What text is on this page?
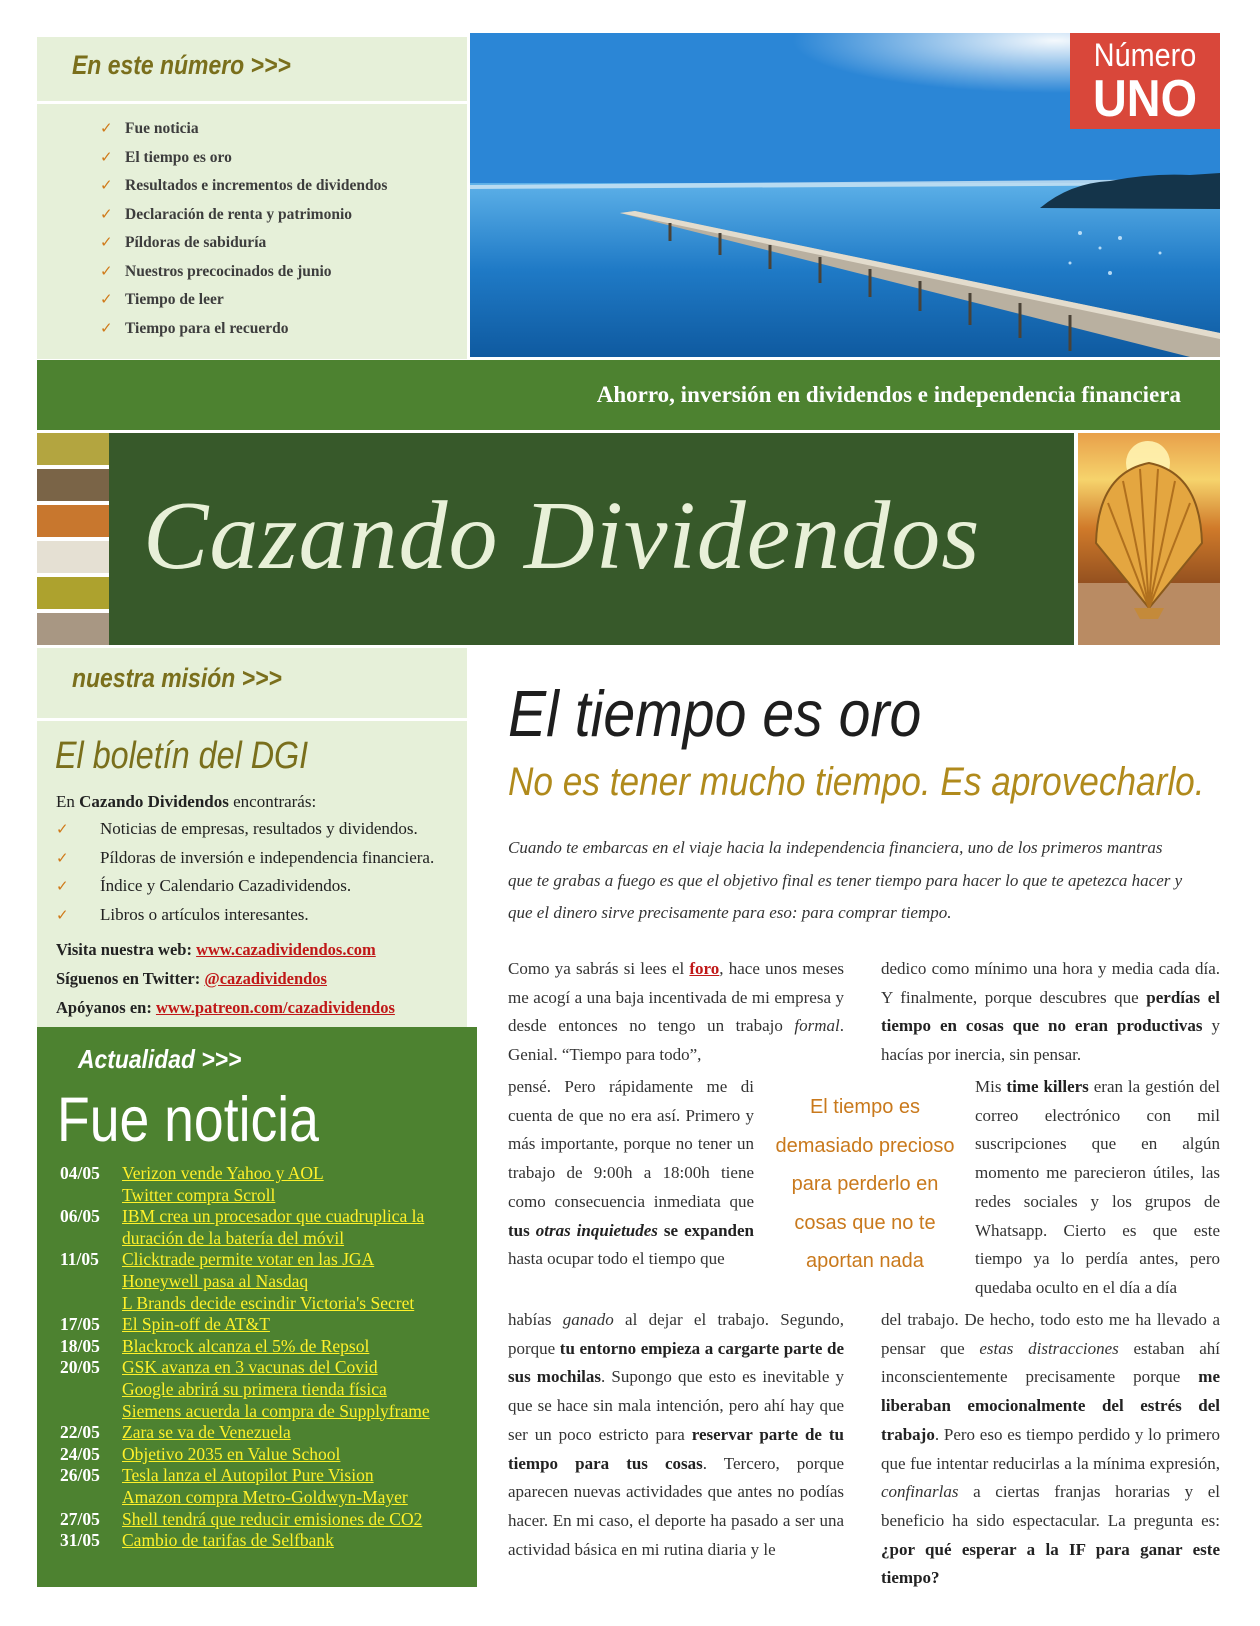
En este número >>>
✓ Fue noticia
✓ El tiempo es oro
✓ Resultados e incrementos de dividendos
✓ Declaración de renta y patrimonio
✓ Píldoras de sabiduría
✓ Nuestros precocinados de junio
✓ Tiempo de leer
✓ Tiempo para el recuerdo
Número
UNO
Ahorro, inversión en dividendos e independencia financiera
Cazando Dividendos
nuestra misión >>>
El boletín del DGI
En Cazando Dividendos encontrarás:
✓ Noticias de empresas, resultados y dividendos.
✓ Píldoras de inversión e independencia financiera.
✓ Índice y Calendario Cazadividendos.
✓ Libros o artículos interesantes.
Visita nuestra web: www.cazadividendos.com
Síguenos en Twitter: @cazadividendos
Apóyanos en: www.patreon.com/cazadividendos
Actualidad >>>
Fue noticia
04/05	Verizon vende Yahoo y AOL
Twitter compra Scroll
06/05	IBM crea un procesador que cuadruplica la
duración de la batería del móvil
11/05	Clicktrade permite votar en las JGA
Honeywell pasa al Nasdaq
L Brands decide escindir Victoria's Secret
17/05	El Spin-off de AT&T
18/05	Blackrock alcanza el 5% de Repsol
20/05	GSK avanza en 3 vacunas del Covid
Google abrirá su primera tienda física
Siemens acuerda la compra de Supplyframe
22/05	Zara se va de Venezuela
24/05	Objetivo 2035 en Value School
26/05	Tesla lanza el Autopilot Pure Vision
Amazon compra Metro-Goldwyn-Mayer
27/05	Shell tendrá que reducir emisiones de CO2
31/05	Cambio de tarifas de Selfbank
El tiempo es oro
No es tener mucho tiempo. Es aprovecharlo.
Cuando te embarcas en el viaje hacia la independencia financiera, uno de los primeros mantras que te grabas a fuego es que el objetivo final es tener tiempo para hacer lo que te apetezca hacer y que el dinero sirve precisamente para eso: para comprar tiempo.
Como ya sabrás si lees el foro, hace unos meses me acogí a una baja incentivada de mi empresa y desde entonces no tengo un trabajo formal. Genial. “Tiempo para todo”,
pensé. Pero rápidamente me di cuenta de que no era así. Primero y más importante, porque no tener un trabajo de 9:00h a 18:00h tiene como consecuencia inmediata que tus otras inquietudes se expanden hasta ocupar todo el tiempo que
El tiempo es demasiado precioso para perderlo en cosas que no te aportan nada
habías ganado al dejar el trabajo. Segundo, porque tu entorno empieza a cargarte parte de sus mochilas. Supongo que esto es inevitable y que se hace sin mala intención, pero ahí hay que ser un poco estricto para reservar parte de tu tiempo para tus cosas. Tercero, porque aparecen nuevas actividades que antes no podías hacer. En mi caso, el deporte ha pasado a ser una actividad básica en mi rutina diaria y le
dedico como mínimo una hora y media cada día. Y finalmente, porque descubres que perdías el tiempo en cosas que no eran productivas y hacías por inercia, sin pensar.
Mis time killers eran la gestión del correo electrónico con mil suscripciones que en algún momento me parecieron útiles, las redes sociales y los grupos de Whatsapp. Cierto es que este tiempo ya lo perdía antes, pero quedaba oculto en el día a día
del trabajo. De hecho, todo esto me ha llevado a pensar que estas distracciones estaban ahí inconscientemente precisamente porque me liberaban emocionalmente del estrés del trabajo. Pero eso es tiempo perdido y lo primero que fue intentar reducirlas a la mínima expresión, confinarlas a ciertas franjas horarias y el beneficio ha sido espectacular. La pregunta es: ¿por qué esperar a la IF para ganar este tiempo?
